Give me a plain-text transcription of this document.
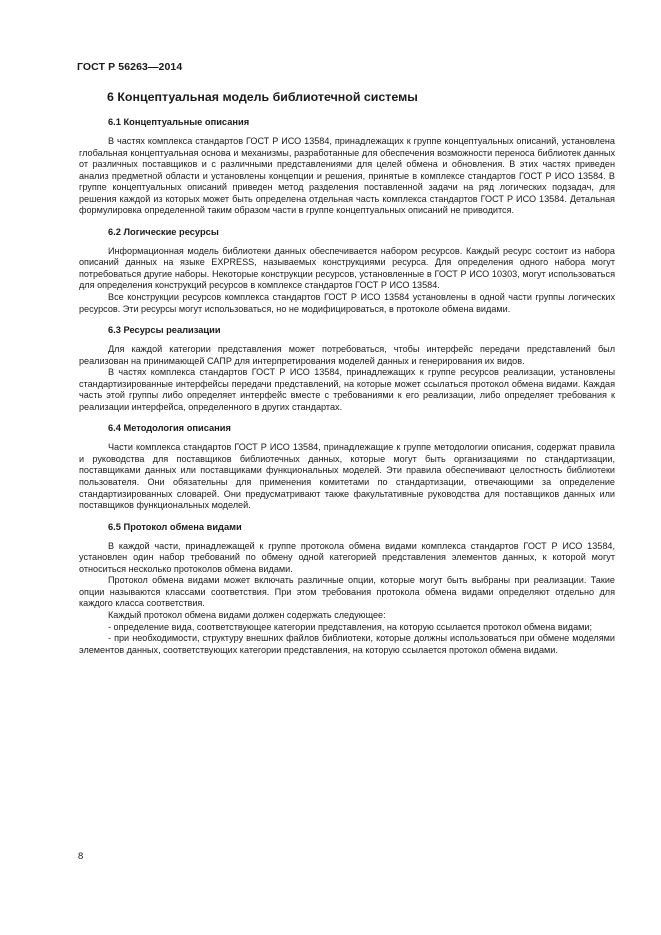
ГОСТ Р 56263—2014
6 Концептуальная модель библиотечной системы
6.1 Концептуальные описания

В частях комплекса стандартов ГОСТ Р ИСО 13584, принадлежащих к группе концептуальных описаний, установлена глобальная концептуальная основа и механизмы, разработанные для обеспечения возможности переноса библиотек данных от различных поставщиков и с различными представлениями для целей обмена и обновления. В этих частях приведен анализ предметной области и установлены концепции и решения, принятые в комплексе стандартов ГОСТ Р ИСО 13584. В группе концептуальных описаний приведен метод разделения поставленной задачи на ряд логических подзадач, для решения каждой из которых может быть определена отдельная часть комплекса стандартов ГОСТ Р ИСО 13584. Детальная формулировка определенной таким образом части в группе концептуальных описаний не приводится.

6.2 Логические ресурсы

Информационная модель библиотеки данных обеспечивается набором ресурсов. Каждый ресурс состоит из набора описаний данных на языке EXPRESS, называемых конструкциями ресурса. Для определения одного набора могут потребоваться другие наборы. Некоторые конструкции ресурсов, установленные в ГОСТ Р ИСО 10303, могут использоваться для определения конструкций ресурсов в комплексе стандартов ГОСТ Р ИСО 13584.

Все конструкции ресурсов комплекса стандартов ГОСТ Р ИСО 13584 установлены в одной части группы логических ресурсов. Эти ресурсы могут использоваться, но не модифицироваться, в протоколе обмена видами.

6.3 Ресурсы реализации

Для каждой категории представления может потребоваться, чтобы интерфейс передачи представлений был реализован на принимающей САПР для интерпретирования моделей данных и генерирования их видов.

В частях комплекса стандартов ГОСТ Р ИСО 13584, принадлежащих к группе ресурсов реализации, установлены стандартизированные интерфейсы передачи представлений, на которые может ссылаться протокол обмена видами. Каждая часть этой группы либо определяет интерфейс вместе с требованиями к его реализации, либо определяет требования к реализации интерфейса, определенного в других стандартах.

6.4 Методология описания

Части комплекса стандартов ГОСТ Р ИСО 13584, принадлежащие к группе методологии описания, содержат правила и руководства для поставщиков библиотечных данных, которые могут быть организациями по стандартизации, поставщиками данных или поставщиками функциональных моделей. Эти правила обеспечивают целостность библиотеки пользователя. Они обязательны для применения комитетами по стандартизации, отвечающими за определение стандартизированных словарей. Они предусматривают также факультативные руководства для поставщиков данных или поставщиков функциональных моделей.

6.5 Протокол обмена видами

В каждой части, принадлежащей к группе протокола обмена видами комплекса стандартов ГОСТ Р ИСО 13584, установлен один набор требований по обмену одной категорией представления элементов данных, к которой могут относиться несколько протоколов обмена видами.

Протокол обмена видами может включать различные опции, которые могут быть выбраны при реализации. Такие опции называются классами соответствия. При этом требования протокола обмена видами определяют отдельно для каждого класса соответствия.

Каждый протокол обмена видами должен содержать следующее:

- определение вида, соответствующее категории представления, на которую ссылается протокол обмена видами;

- при необходимости, структуру внешних файлов библиотеки, которые должны использоваться при обмене моделями элементов данных, соответствующих категории представления, на которую ссылается протокол обмена видами.

8
